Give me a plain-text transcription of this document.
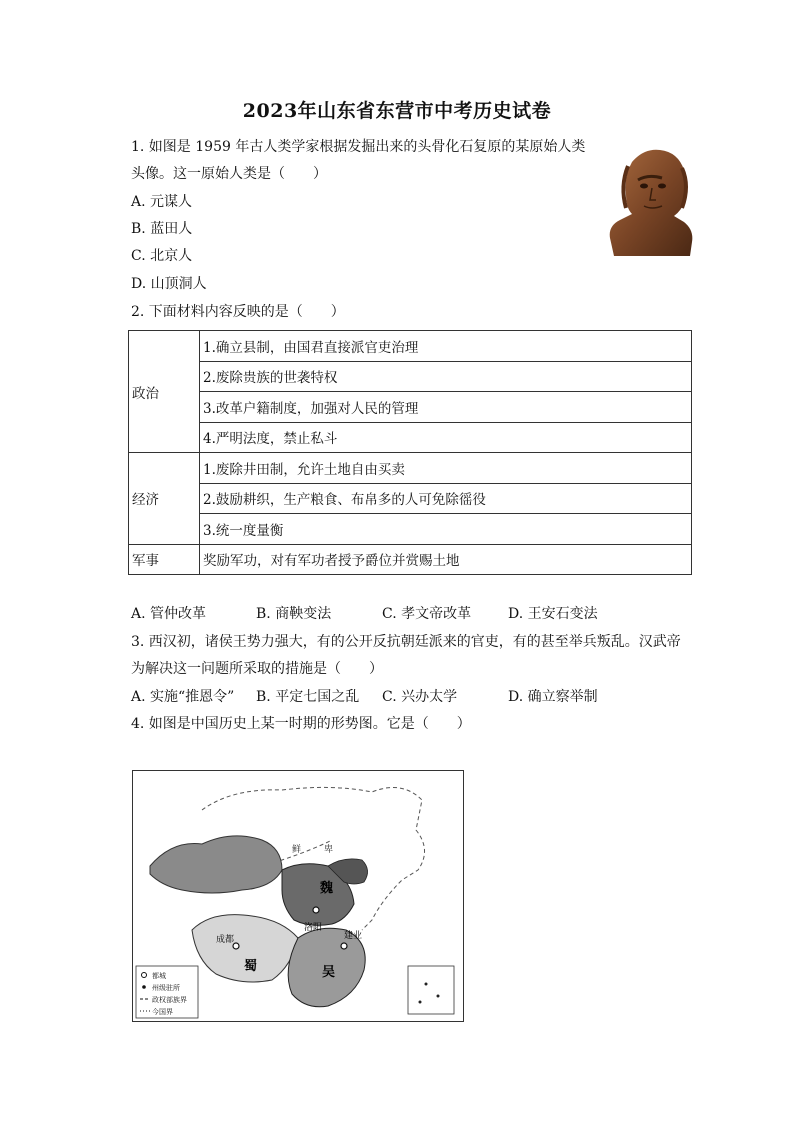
2023年山东省东营市中考历史试卷
1. 如图是 1959 年古人类学家根据发掘出来的头骨化石复原的某原始人类
头像。这一原始人类是（　　）
A. 元谋人
B. 蓝田人
C. 北京人
D. 山顶洞人
2. 下面材料内容反映的是（　　）
政治	1.确立县制，由国君直接派官吏治理
	2.废除贵族的世袭特权
	3.改革户籍制度，加强对人民的管理
	4.严明法度，禁止私斗
经济	1.废除井田制，允许土地自由买卖
	2.鼓励耕织，生产粮食、布帛多的人可免除徭役
	3.统一度量衡
军事	奖励军功，对有军功者授予爵位并赏赐土地
A. 管仲改革	B. 商鞅变法	C. 孝文帝改革	D. 王安石变法
3. 西汉初，诸侯王势力强大，有的公开反抗朝廷派来的官吏，有的甚至举兵叛乱。汉武帝
为解决这一问题所采取的措施是（　　）
A. 实施“推恩令” B. 平定七国之乱 C. 兴办太学	D. 确立察举制
4. 如图是中国历史上某一时期的形势图。它是（　　）
鲜	卑
魏
洛阳
建业
成都
蜀	吴
都城
州级驻所
政权部族界
今国界
